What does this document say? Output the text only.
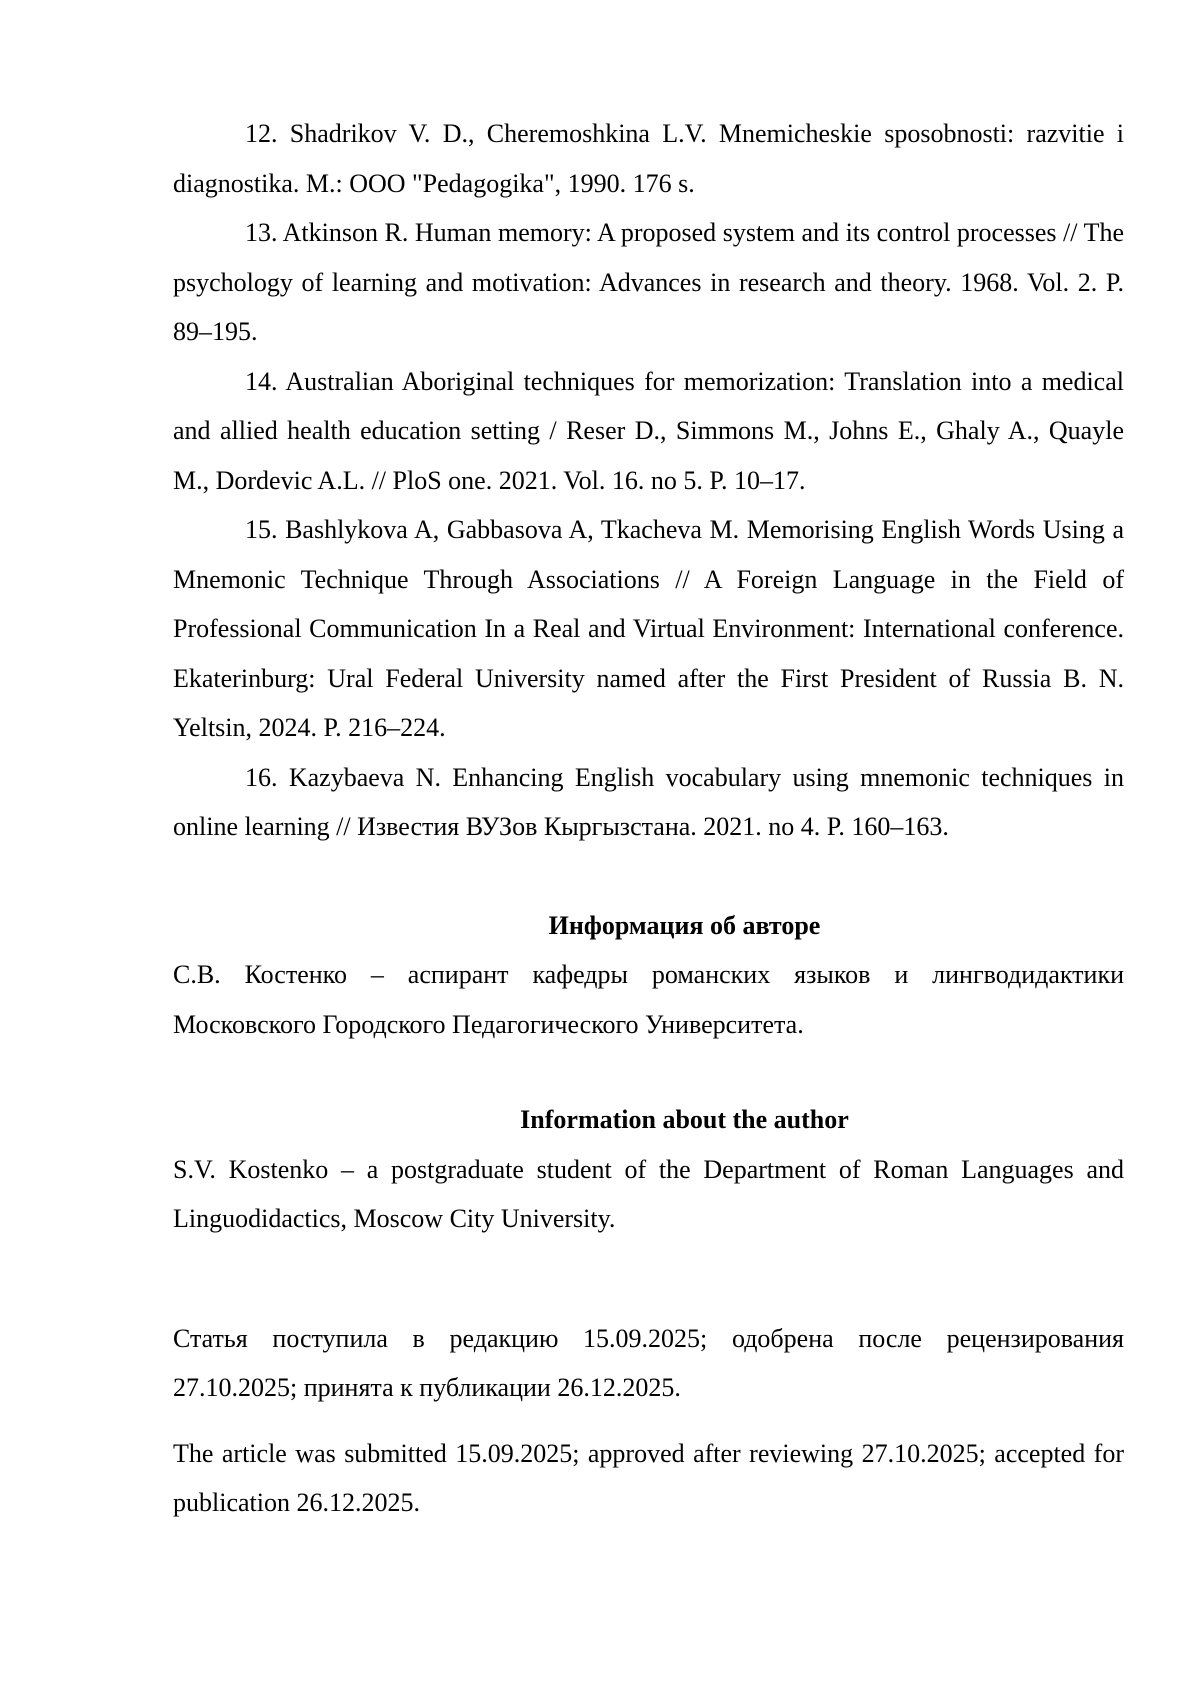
12. Shadrikov V. D., Cheremoshkina L.V. Mnemicheskie sposobnosti: razvitie i diagnostika. M.: OOO "Pedagogika", 1990. 176 s.

13. Atkinson R. Human memory: A proposed system and its control processes // The psychology of learning and motivation: Advances in research and theory. 1968. Vol. 2. P. 89–195.

14. Australian Aboriginal techniques for memorization: Translation into a medical and allied health education setting / Reser D., Simmons M., Johns E., Ghaly A., Quayle M., Dordevic A.L. // PloS one. 2021. Vol. 16. no 5. P. 10–17.

15. Bashlykova A, Gabbasova A, Tkacheva M. Memorising English Words Using a Mnemonic Technique Through Associations // A Foreign Language in the Field of Professional Communication In a Real and Virtual Environment: International conference. Ekaterinburg: Ural Federal University named after the First President of Russia B. N. Yeltsin, 2024. P. 216–224.

16. Kazybaeva N. Enhancing English vocabulary using mnemonic techniques in online learning // Известия ВУЗов Кыргызстана. 2021. no 4. P. 160–163.

Информация об авторе

С.В. Костенко – аспирант кафедры романских языков и лингводидактики Московского Городского Педагогического Университета.

Information about the author

S.V. Kostenko – a postgraduate student of the Department of Roman Languages and Linguodidactics, Moscow City University.

Статья поступила в редакцию 15.09.2025; одобрена после рецензирования 27.10.2025; принята к публикации 26.12.2025.

The article was submitted 15.09.2025; approved after reviewing 27.10.2025; accepted for publication 26.12.2025.
